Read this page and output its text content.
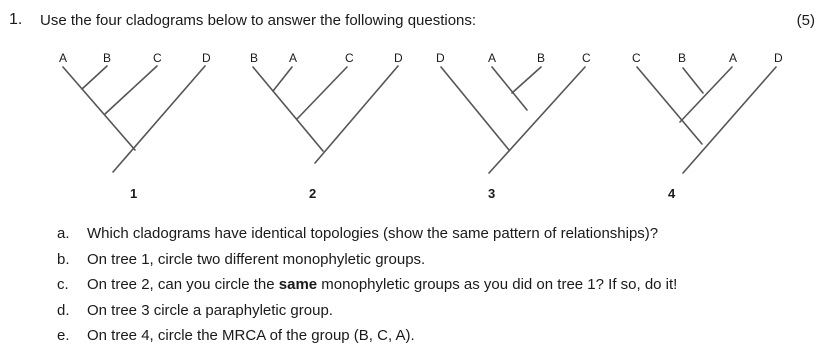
1. Use the four cladograms below to answer the following questions:	(5)
A	B	C	D
1
B	A	C	D
2
D	A	B	C
3
C	B	A	D
4
a.	Which cladograms have identical topologies (show the same pattern of relationships)?
b.	On tree 1, circle two different monophyletic groups.
c.	On tree 2, can you circle the same monophyletic groups as you did on tree 1? If so, do it!
d.	On tree 3 circle a paraphyletic group.
e.	On tree 4, circle the MRCA of the group (B, C, A).
